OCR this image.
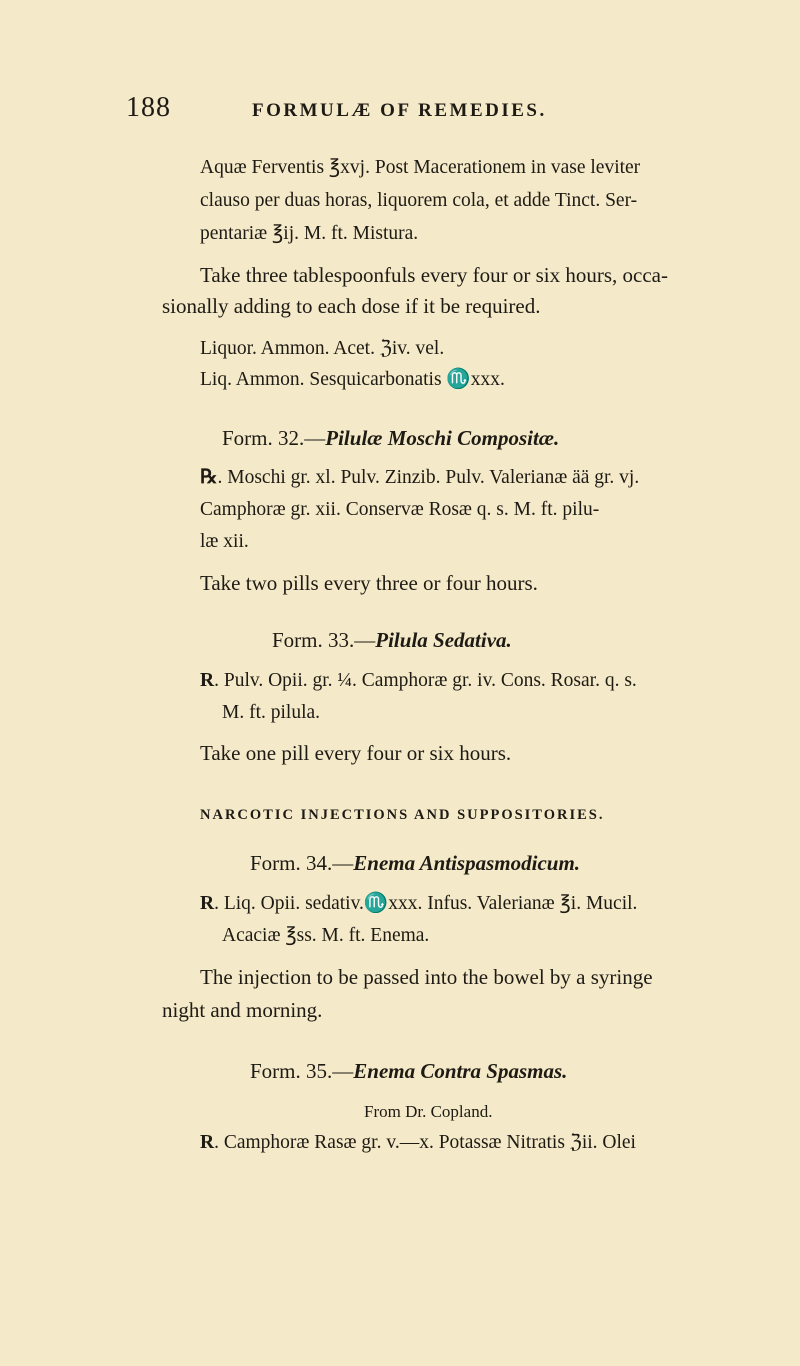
188	FORMULÆ OF REMEDIES.
Aquæ Ferventis ℥xvj. Post Macerationem in vase leviter
clauso per duas horas, liquorem cola, et adde Tinct. Ser-
pentariæ ℥ij. M. ft. Mistura.
Take three tablespoonfuls every four or six hours, occa-
sionally adding to each dose if it be required.
Liquor. Ammon. Acet. ℨiv. vel.
Liq. Ammon. Sesquicarbonatis ♏xxx.
Form. 32.—Pilulæ Moschi Compositæ.
℞. Moschi gr. xl. Pulv. Zinzib. Pulv. Valerianæ ää gr. vj.
Camphoræ gr. xii. Conservæ Rosæ q. s. M. ft. pilu-
læ xii.
Take two pills every three or four hours.
Form. 33.—Pilula Sedativa.
R. Pulv. Opii. gr. ¼. Camphoræ gr. iv. Cons. Rosar. q. s.
M. ft. pilula.
Take one pill every four or six hours.
NARCOTIC INJECTIONS AND SUPPOSITORIES.
Form. 34.—Enema Antispasmodicum.
R. Liq. Opii. sedativ.♏xxx. Infus. Valerianæ ℥i. Mucil.
Acaciæ ℥ss. M. ft. Enema.
The injection to be passed into the bowel by a syringe
night and morning.
Form. 35.—Enema Contra Spasmas.
From Dr. Copland.
R. Camphoræ Rasæ gr. v.—x. Potassæ Nitratis ℨii. Olei
